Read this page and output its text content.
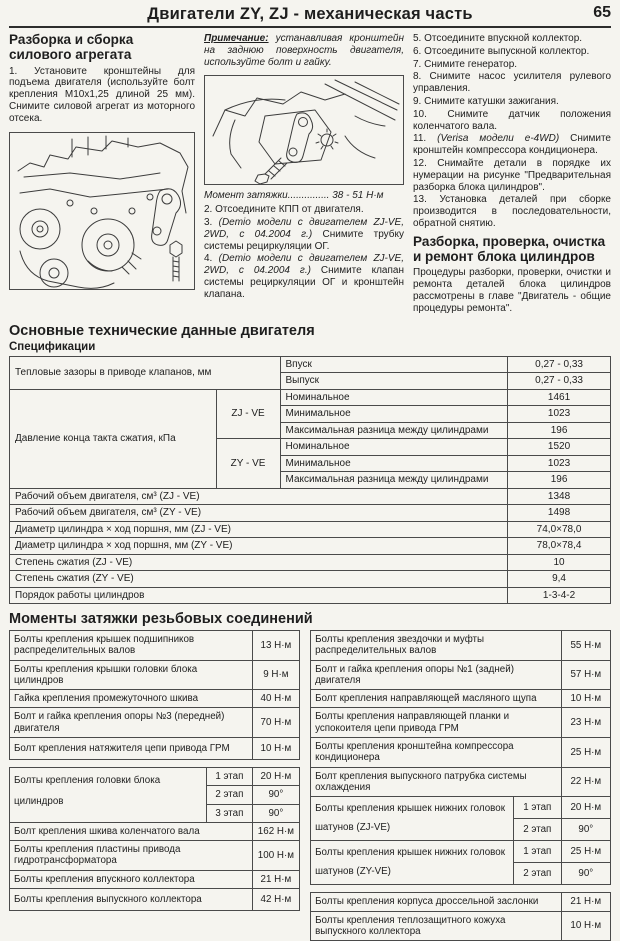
Двигатели ZY, ZJ - механическая часть	65
Разборка и сборка силового агрегата

1. Установите кронштейны для подъема двигателя (используйте болт крепления М10х1,25 длиной 25 мм). Снимите силовой агрегат из моторного отсека.

Примечание: устанавливая кронштейн на заднюю поверхность двигателя, используйте болт и гайку.

Момент затяжки............... 38 - 51 Н·м

2. Отсоедините КПП от двигателя.

3. (Demio модели с двигателем ZJ-VE, 2WD, с 04.2004 г.) Снимите трубку системы рециркуляции ОГ.

4. (Demio модели с двигателем ZJ-VE, 2WD, с 04.2004 г.) Снимите клапан системы рециркуляции ОГ и кронштейн клапана.

5. Отсоедините впускной коллектор.

6. Отсоедините выпускной коллектор.

7. Снимите генератор.

8. Снимите насос усилителя рулевого управления.

9. Снимите катушки зажигания.

10. Снимите датчик положения коленчатого вала.

11. (Verisa модели е-4WD) Снимите кронштейн компрессора кондиционера.

12. Снимайте детали в порядке их нумерации на рисунке "Предварительная разборка блока цилиндров".

13. Установка деталей при сборке производится в последовательности, обратной снятию.

Разборка, проверка, очистка и ремонт блока цилиндров

Процедуры разборки, проверки, очистки и ремонта деталей блока цилиндров рассмотрены в главе "Двигатель - общие процедуры ремонта".

Основные технические данные двигателя
Спецификации
Тепловые зазоры в приводе клапанов, мм		Впуск	0,27 - 0,33
		Выпуск	0,27 - 0,33
Давление конца такта сжатия, кПа	ZJ - VE	Номинальное	1461
		Минимальное	1023
		Максимальная разница между цилиндрами	196
	ZY - VE	Номинальное	1520
		Минимальное	1023
		Максимальная разница между цилиндрами	196
Рабочий объем двигателя, см³ (ZJ - VE)			1348
Рабочий объем двигателя, см³ (ZY - VE)			1498
Диаметр цилиндра × ход поршня, мм (ZJ - VE)			74,0×78,0
Диаметр цилиндра × ход поршня, мм (ZY - VE)			78,0×78,4
Степень сжатия (ZJ - VE)			10
Степень сжатия (ZY - VE)			9,4
Порядок работы цилиндров			1-3-4-2
Моменты затяжки резьбовых соединений
Болты крепления крышек подшипников распределительных валов	13 Н·м
Болты крепления крышки головки блока цилиндров	9 Н·м
Гайка крепления промежуточного шкива	40 Н·м
Болт и гайка крепления опоры №3 (передней) двигателя	70 Н·м
Болт крепления натяжителя цепи привода ГРМ	10 Н·м
Болты крепления головки блока цилиндров	1 этап	20 Н·м
	2 этап	90°
	3 этап	90°
Болт крепления шкива коленчатого вала		162 Н·м
Болты крепления пластины привода гидротрансформатора		100 Н·м
Болты крепления впускного коллектора		21 Н·м
Болты крепления выпускного коллектора		42 Н·м
Болты крепления звездочки и муфты распределительных валов		55 Н·м
Болт и гайка крепления опоры №1 (задней) двигателя		57 Н·м
Болт крепления направляющей масляного щупа		10 Н·м
Болты крепления направляющей планки и успокоителя цепи привода ГРМ		23 Н·м
Болты крепления кронштейна компрессора кондиционера		25 Н·м
Болт крепления выпускного патрубка системы охлаждения		22 Н·м
Болты крепления крышек нижних головок шатунов (ZJ-VE)	1 этап	20 Н·м
	2 этап	90°
Болты крепления крышек нижних головок шатунов (ZY-VE)	1 этап	25 Н·м
	2 этап	90°
Болты крепления корпуса дроссельной заслонки	21 Н·м
Болты крепления теплозащитного кожуха выпускного коллектора	10 Н·м
